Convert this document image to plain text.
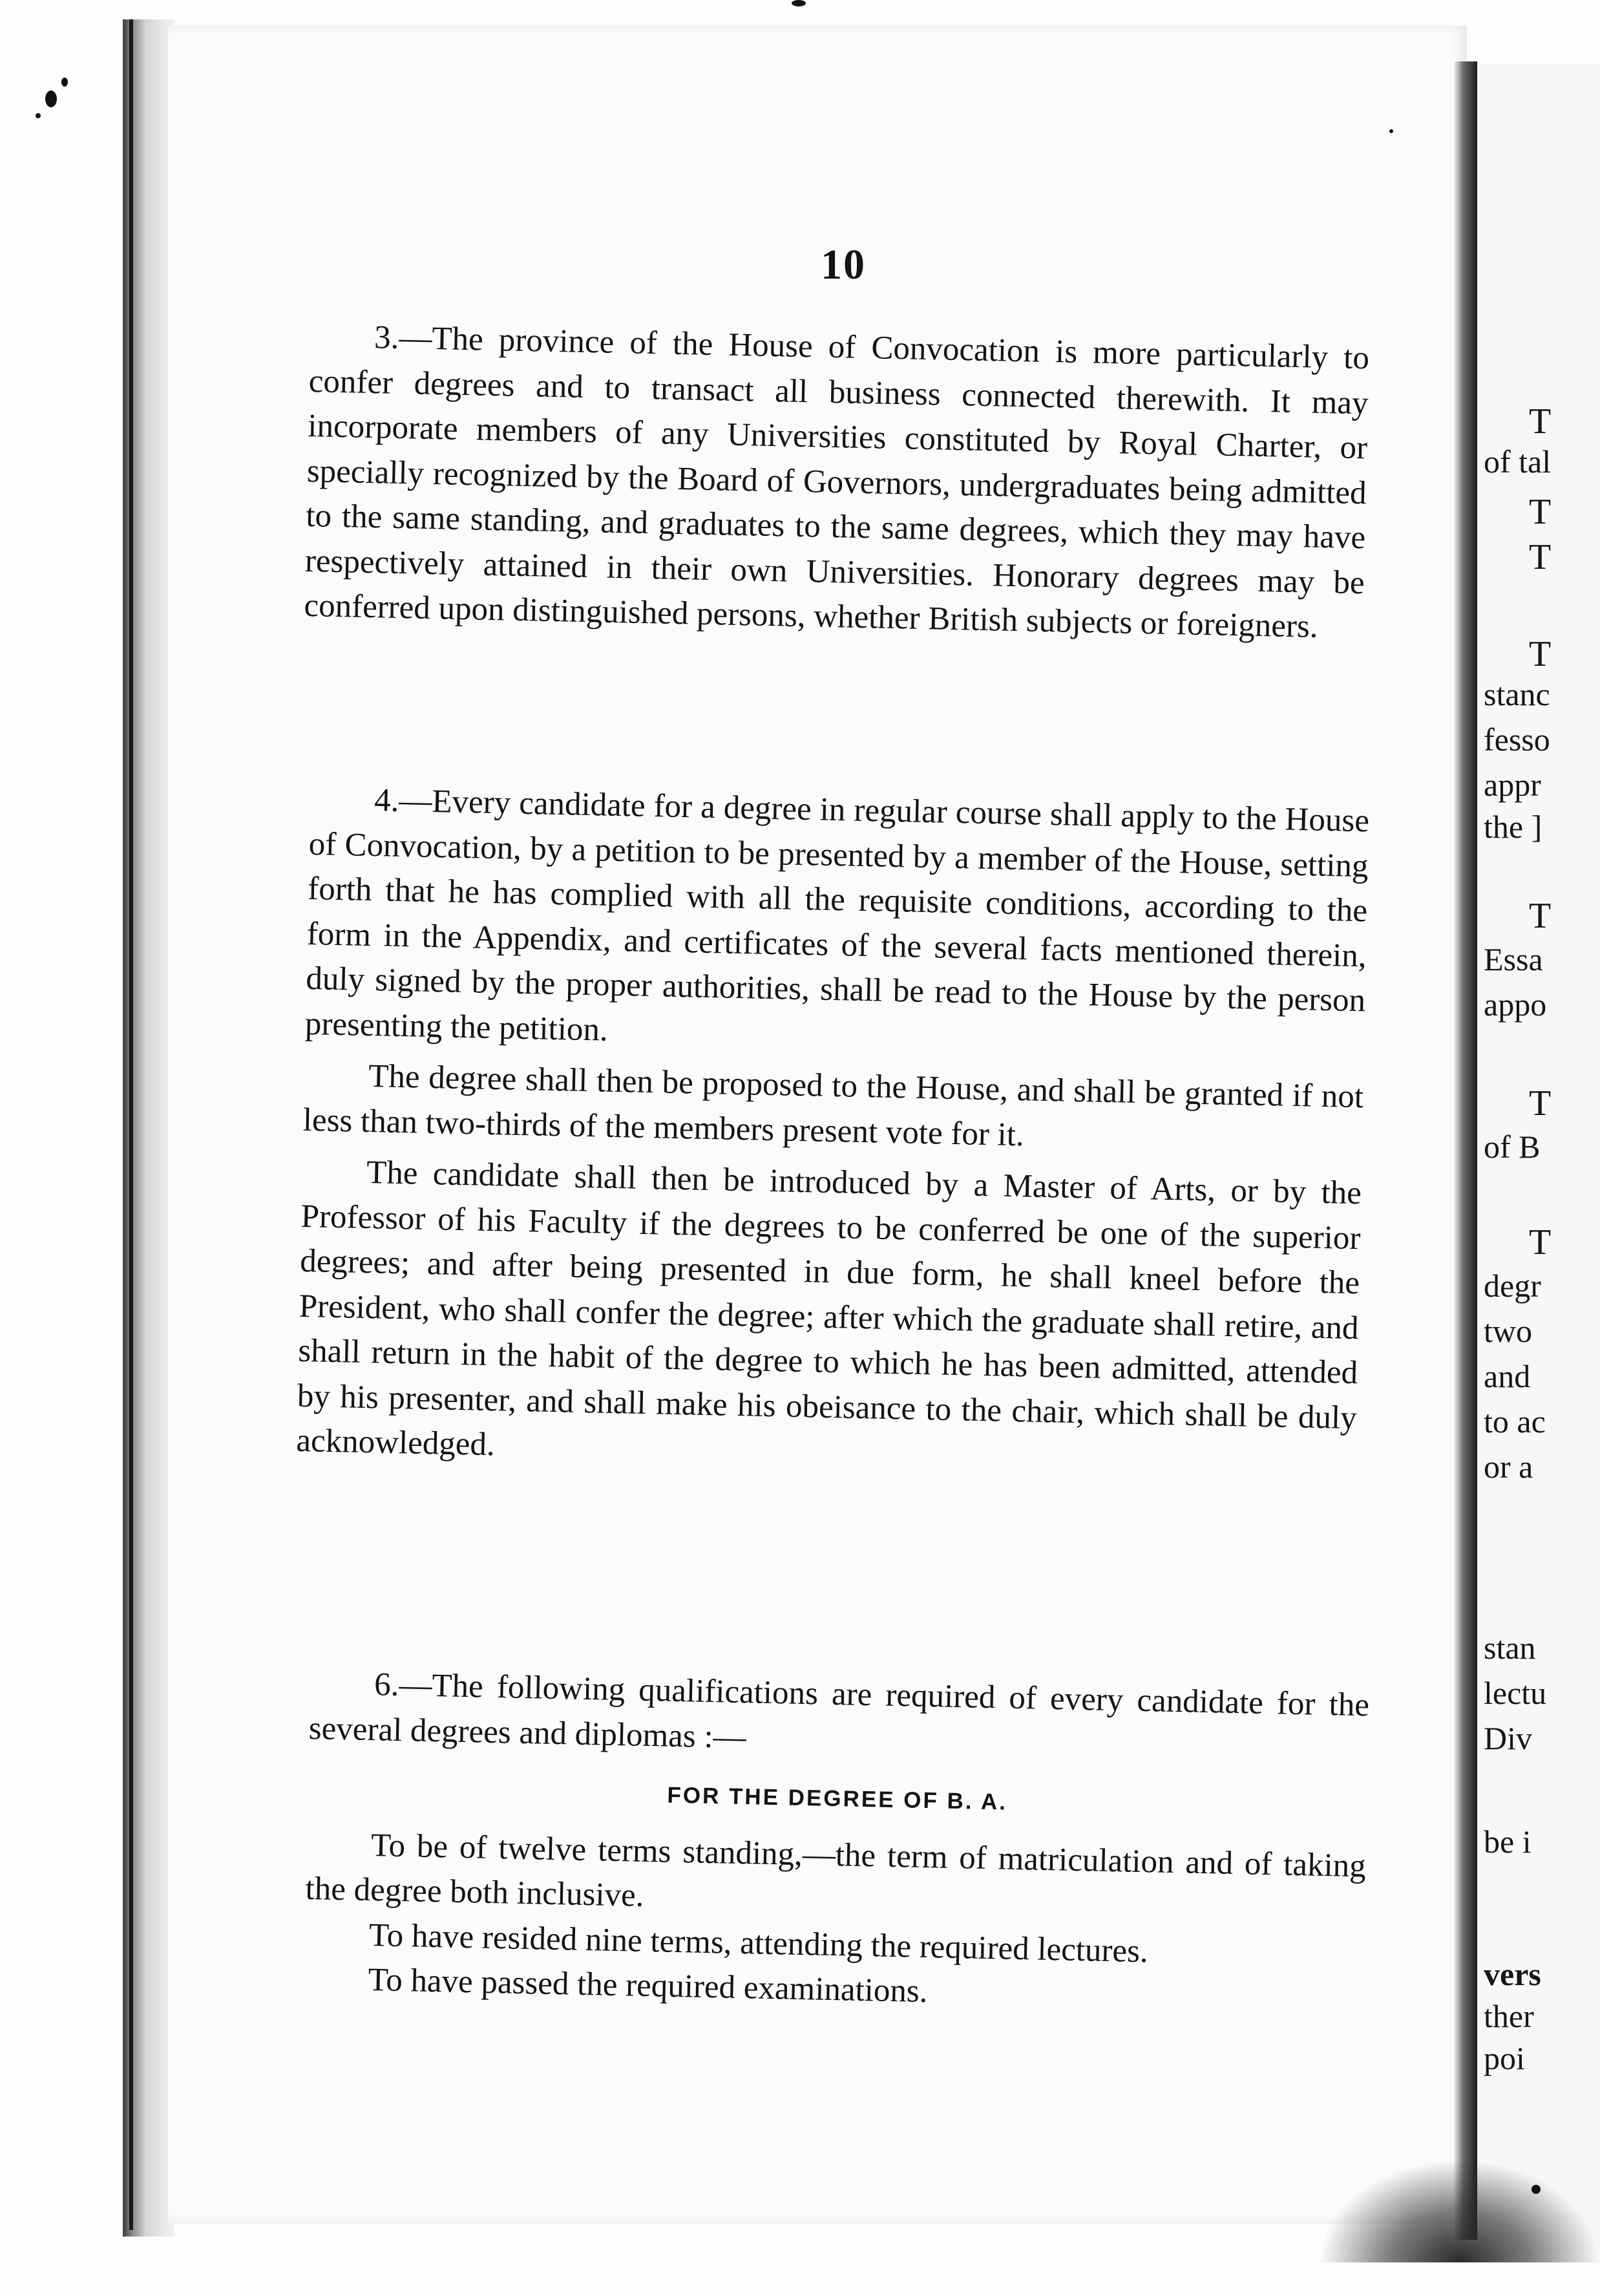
10

3.—The province of the House of Convocation is more particularly to confer degrees and to transact all business connected therewith. It may incorporate members of any Universities constituted by Royal Charter, or specially recognized by the Board of Governors, undergraduates being admitted to the same standing, and graduates to the same degrees, which they may have respectively attained in their own Universities. Honorary degrees may be conferred upon distinguished persons, whether British subjects or foreigners.

4.—Every candidate for a degree in regular course shall apply to the House of Convocation, by a petition to be presented by a member of the House, setting forth that he has complied with all the requisite conditions, according to the form in the Appendix, and certificates of the several facts mentioned therein, duly signed by the proper authorities, shall be read to the House by the person presenting the petition.

The degree shall then be proposed to the House, and shall be granted if not less than two-thirds of the members present vote for it.

The candidate shall then be introduced by a Master of Arts, or by the Professor of his Faculty if the degrees to be conferred be one of the superior degrees; and after being presented in due form, he shall kneel before the President, who shall confer the degree; after which the graduate shall retire, and shall return in the habit of the degree to which he has been admitted, attended by his presenter, and shall make his obeisance to the chair, which shall be duly acknowledged.

6.—The following qualifications are required of every candidate for the several degrees and diplomas :—

FOR THE DEGREE OF B. A.

To be of twelve terms standing,—the term of matriculation and of taking the degree both inclusive.

To have resided nine terms, attending the required lectures.

To have passed the required examinations.

T
of tal
T
T
T
stanc
fesso
appr
the ]
T
Essa
appo
T
of B
T
degr
two
and
to ac
or a
stan
lectu
Div
be i
vers
ther
poi
